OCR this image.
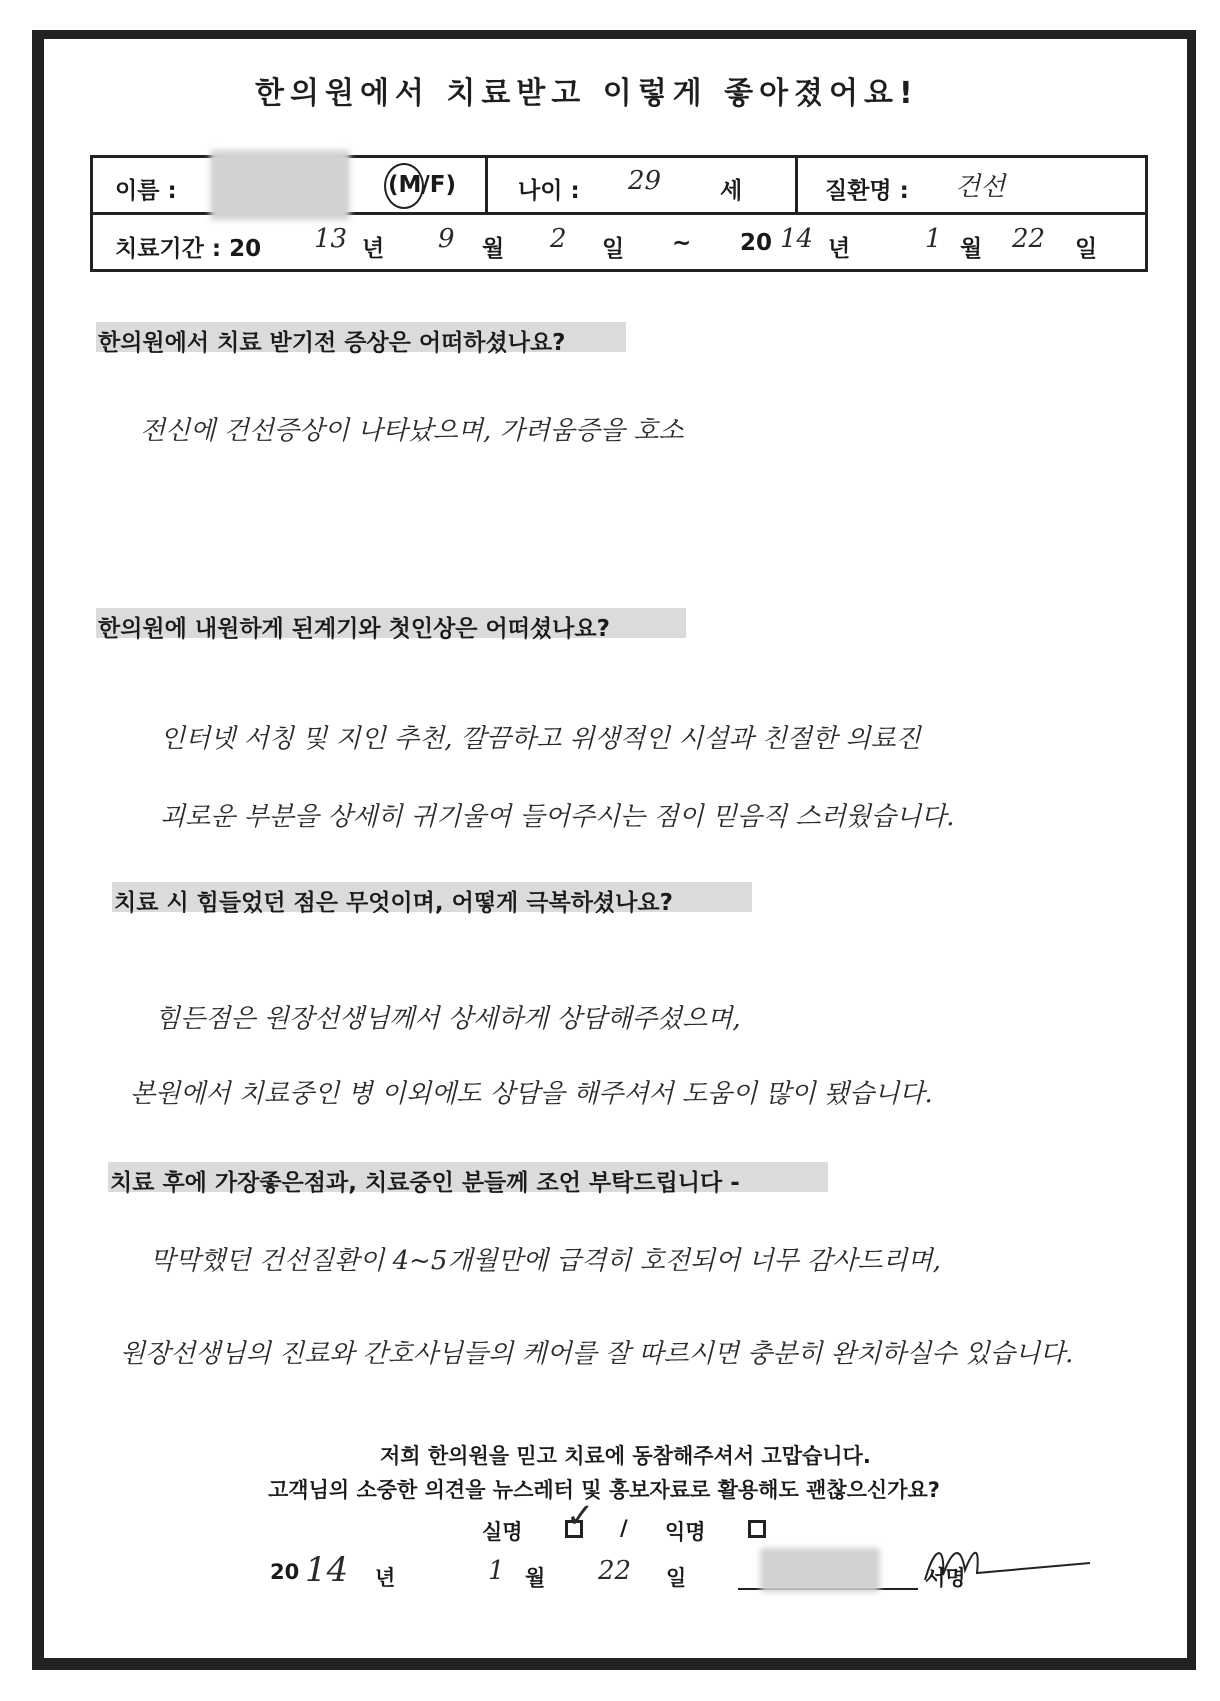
한의원에서 치료받고 이렇게 좋아졌어요!
이름 :	(M/F)	나이 : 29	세	질환명 : 건선
치료기간 : 20 13 년 9 월 2 일 ~ 20 14 년	1 월 22 일
한의원에서 치료 받기전 증상은 어떠하셨나요?
전신에 건선증상이 나타났으며, 가려움증을 호소
한의원에 내원하게 된계기와 첫인상은 어떠셨나요?
인터넷 서칭 및 지인 추천, 깔끔하고 위생적인 시설과 친절한 의료진
괴로운 부분을 상세히 귀기울여 들어주시는 점이 믿음직 스러웠습니다.
치료 시 힘들었던 점은 무엇이며, 어떻게 극복하셨나요?
힘든점은 원장선생님께서 상세하게 상담해주셨으며,
본원에서 치료중인 병 이외에도 상담을 해주셔서 도움이 많이 됐습니다.
치료 후에 가장좋은점과, 치료중인 분들께 조언 부탁드립니다 -
막막했던 건선질환이 4~5개월만에 급격히 호전되어 너무 감사드리며,
원장선생님의 진료와 간호사님들의 케어를 잘 따르시면 충분히 완치하실수 있습니다.
저희 한의원을 믿고 치료에 동참해주셔서 고맙습니다.
고객님의 소중한 의견을 뉴스레터 및 홍보자료로 활용해도 괜찮으신가요?
실명 ✓ / 익명
20 14 년	1 월 22 일	서명
